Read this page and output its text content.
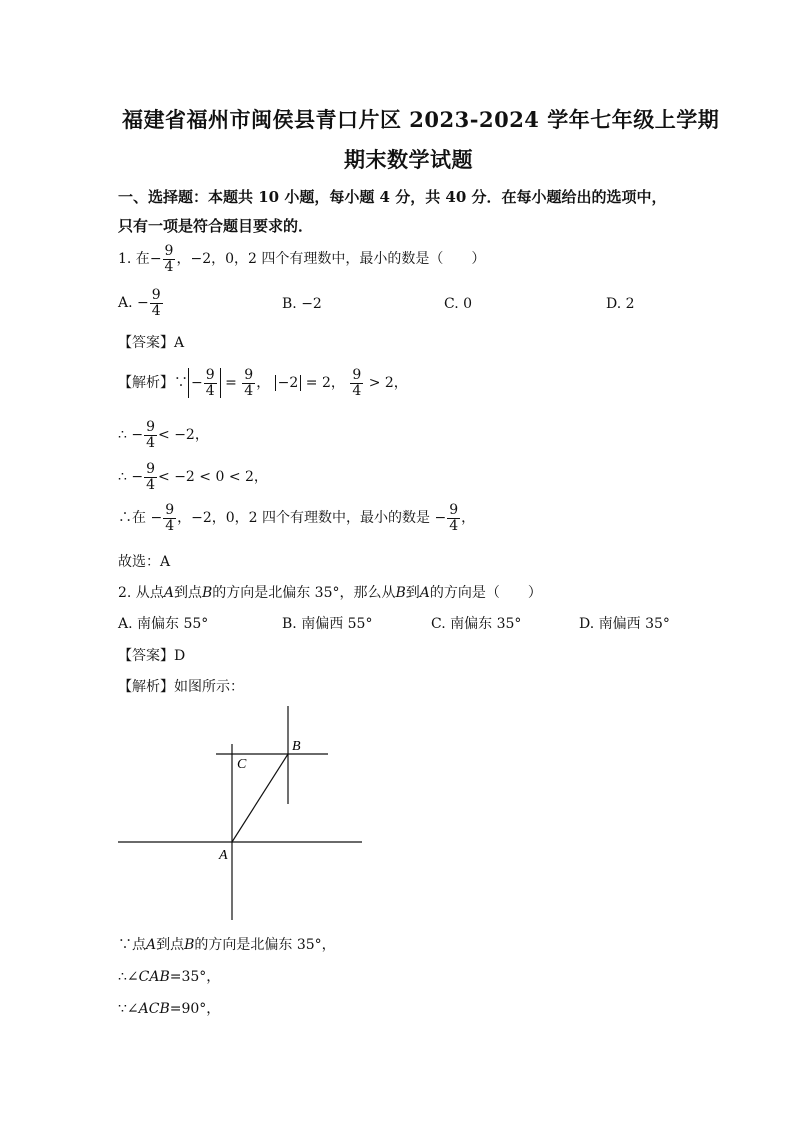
福建省福州市闽侯县青口片区 2023-2024 学年七年级上学期
期末数学试题
一、选择题：本题共 10 小题，每小题 4 分，共 40 分．在每小题给出的选项中，
只有一项是符合题目要求的．
1. 在− $\frac{9}{4}$ ，−2，0，2 四个有理数中，最小的数是（　　）
A. − $\frac{9}{4}$	B. −2	C. 0	D. 2
【答案】A
【解析】∵ − $\frac{9}{4} = \frac{9}{4}$ ， −2 = 2， $\frac{9}{4} > 2$，
∴ − $\frac{9}{4} < -2$，
∴ − $\frac{9}{4} < -2 < 0 < 2$，
∴在 − $\frac{9}{4}$ ，−2，0，2 四个有理数中，最小的数是 − $\frac{9}{4}$ ，
故选：A
2. 从点A到点B的方向是北偏东 35°，那么从B到A的方向是（　　）
A. 南偏东 55°	B. 南偏西 55°	C. 南偏东 35°	D. 南偏西 35°
【答案】D
【解析】如图所示：
A
B
C
∵点A到点B的方向是北偏东 35°，
∴∠CAB=35°，
∵∠ACB=90°，
